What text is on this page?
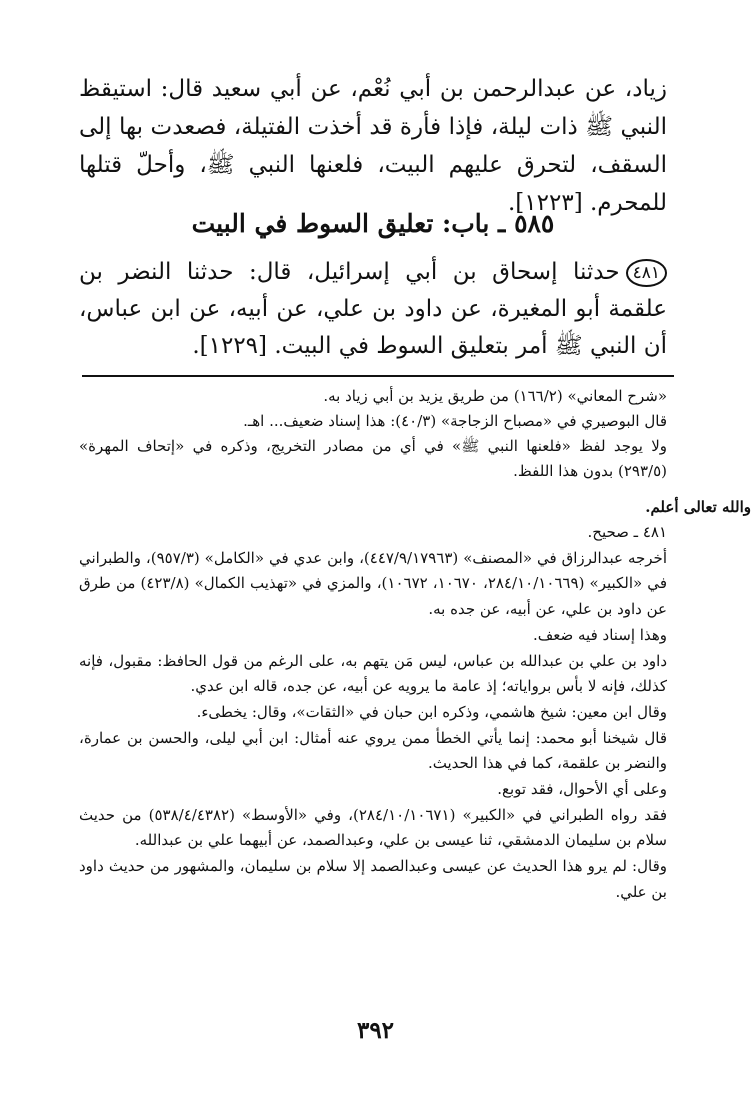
زياد، عن عبدالرحمن بن أبي نُعْم، عن أبي سعيد قال: استيقظ النبي ﷺ ذات ليلة، فإذا فأرة قد أخذت الفتيلة، فصعدت بها إلى السقف، لتحرق عليهم البيت، فلعنها النبي ﷺ، وأحلّ قتلها للمحرم. [١٢٢٣].

٥٨٥ ـ باب: تعليق السوط في البيت
٤٨١حدثنا إسحاق بن أبي إسرائيل، قال: حدثنا النضر بن علقمة أبو المغيرة، عن داود بن علي، عن أبيه، عن ابن عباس، أن النبي ﷺ أمر بتعليق السوط في البيت. [١٢٢٩].

«شرح المعاني» (١٦٦/٢) من طريق يزيد بن أبي زياد به.

قال البوصيري في «مصباح الزجاجة» (٤٠/٣): هذا إسناد ضعيف... اهـ.

ولا يوجد لفظ «فلعنها النبي ﷺ» في أي من مصادر التخريج، وذكره في «إتحاف المهرة» (٢٩٣/٥) بدون هذا اللفظ.

والله تعالى أعلم.

٤٨١ ـ صحيح.

أخرجه عبدالرزاق في «المصنف» (٤٤٧/٩/١٧٩٦٣)، وابن عدي في «الكامل» (٩٥٧/٣)، والطبراني في «الكبير» (٢٨٤/١٠/١٠٦٦٩، ١٠٦٧٠، ١٠٦٧٢)، والمزي في «تهذيب الكمال» (٤٢٣/٨) من طرق عن داود بن علي، عن أبيه، عن جده به.

وهذا إسناد فيه ضعف.

داود بن علي بن عبدالله بن عباس، ليس مَن يتهم به، على الرغم من قول الحافظ: مقبول، فإنه كذلك، فإنه لا بأس برواياته؛ إذ عامة ما يرويه عن أبيه، عن جده، قاله ابن عدي.

وقال ابن معين: شيخ هاشمي، وذكره ابن حبان في «الثقات»، وقال: يخطىء.

قال شيخنا أبو محمد: إنما يأتي الخطأ ممن يروي عنه أمثال: ابن أبي ليلى، والحسن بن عمارة، والنضر بن علقمة، كما في هذا الحديث.

وعلى أي الأحوال، فقد توبع.

فقد رواه الطبراني في «الكبير» (٢٨٤/١٠/١٠٦٧١)، وفي «الأوسط» (٥٣٨/٤/٤٣٨٢) من حديث سلام بن سليمان الدمشقي، ثنا عيسى بن علي، وعبدالصمد، عن أبيهما علي بن عبدالله.

وقال: لم يرو هذا الحديث عن عيسى وعبدالصمد إلا سلام بن سليمان، والمشهور من حديث داود بن علي.

٣٩٢
